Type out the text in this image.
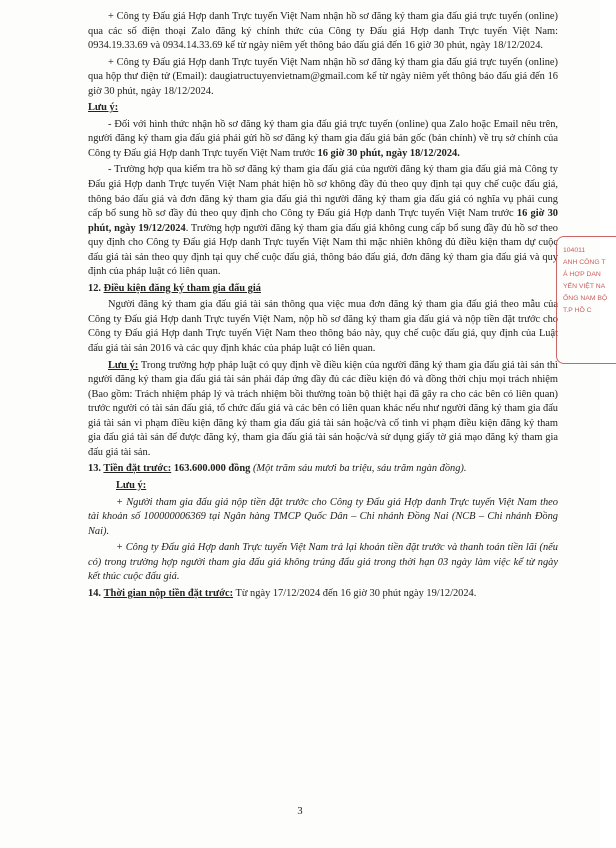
+ Công ty Đấu giá Hợp danh Trực tuyến Việt Nam nhận hồ sơ đăng ký tham gia đấu giá trực tuyến (online) qua các số điện thoại Zalo đăng ký chính thức của Công ty Đấu giá Hợp danh Trực tuyến Việt Nam: 0934.19.33.69 và 0934.14.33.69 kể từ ngày niêm yết thông báo đấu giá đến 16 giờ 30 phút, ngày 18/12/2024.

+ Công ty Đấu giá Hợp danh Trực tuyến Việt Nam nhận hồ sơ đăng ký tham gia đấu giá trực tuyến (online) qua hộp thư điện tử (Email): daugiatructuyenvietnam@gmail.com kể từ ngày niêm yết thông báo đấu giá đến 16 giờ 30 phút, ngày 18/12/2024.

Lưu ý:

- Đối với hình thức nhận hồ sơ đăng ký tham gia đấu giá trực tuyến (online) qua Zalo hoặc Email nêu trên, người đăng ký tham gia đấu giá phải gửi hồ sơ đăng ký tham gia đấu giá bản gốc (bản chính) về trụ sở chính của Công ty Đấu giá Hợp danh Trực tuyến Việt Nam trước 16 giờ 30 phút, ngày 18/12/2024.

- Trường hợp qua kiểm tra hồ sơ đăng ký tham gia đấu giá của người đăng ký tham gia đấu giá mà Công ty Đấu giá Hợp danh Trực tuyến Việt Nam phát hiện hồ sơ không đầy đủ theo quy định tại quy chế cuộc đấu giá, thông báo đấu giá và đơn đăng ký tham gia đấu giá thì người đăng ký tham gia đấu giá có nghĩa vụ phải cung cấp bổ sung hồ sơ đầy đủ theo quy định cho Công ty Đấu giá Hợp danh Trực tuyến Việt Nam trước 16 giờ 30 phút, ngày 19/12/2024. Trường hợp người đăng ký tham gia đấu giá không cung cấp bổ sung đầy đủ hồ sơ theo quy định cho Công ty Đấu giá Hợp danh Trực tuyến Việt Nam thì mặc nhiên không đủ điều kiện tham dự cuộc đấu giá tài sản theo quy định tại quy chế cuộc đấu giá, thông báo đấu giá, đơn đăng ký tham gia đấu giá và quy định của pháp luật có liên quan.

12. Điều kiện đăng ký tham gia đấu giá

Người đăng ký tham gia đấu giá tài sản thông qua việc mua đơn đăng ký tham gia đấu giá theo mẫu của Công ty Đấu giá Hợp danh Trực tuyến Việt Nam, nộp hồ sơ đăng ký tham gia đấu giá và nộp tiền đặt trước cho Công ty Đấu giá Hợp danh Trực tuyến Việt Nam theo thông báo này, quy chế cuộc đấu giá, quy định của Luật đấu giá tài sản 2016 và các quy định khác của pháp luật có liên quan.

Lưu ý: Trong trường hợp pháp luật có quy định về điều kiện của người đăng ký tham gia đấu giá tài sản thì người đăng ký tham gia đấu giá tài sản phải đáp ứng đầy đủ các điều kiện đó và đồng thời chịu mọi trách nhiệm (Bao gồm: Trách nhiệm pháp lý và trách nhiệm bồi thường toàn bộ thiệt hại đã gây ra cho các bên có liên quan) trước người có tài sản đấu giá, tổ chức đấu giá và các bên có liên quan khác nếu như người đăng ký tham gia đấu giá tài sản vi phạm điều kiện đăng ký tham gia đấu giá tài sản hoặc/và cố tình vi phạm điều kiện đăng ký tham gia đấu giá tài sản để được đăng ký, tham gia đấu giá tài sản hoặc/và sử dụng giấy tờ giả mạo đăng ký tham gia đấu giá tài sản.

13. Tiền đặt trước: 163.600.000 đồng (Một trăm sáu mươi ba triệu, sáu trăm ngàn đồng).

Lưu ý:

+ Người tham gia đấu giá nộp tiền đặt trước cho Công ty Đấu giá Hợp danh Trực tuyến Việt Nam theo tài khoản số 100000006369 tại Ngân hàng TMCP Quốc Dân – Chi nhánh Đồng Nai (NCB – Chi nhánh Đồng Nai).

+ Công ty Đấu giá Hợp danh Trực tuyến Việt Nam trả lại khoản tiền đặt trước và thanh toán tiền lãi (nếu có) trong trường hợp người tham gia đấu giá không trúng đấu giá trong thời hạn 03 ngày làm việc kể từ ngày kết thúc cuộc đấu giá.

14. Thời gian nộp tiền đặt trước: Từ ngày 17/12/2024 đến 16 giờ 30 phút ngày 19/12/2024.

104011
ANH CÔNG T
Á HỢP DAN
YẾN VIỆT NA
ỐNG NAM BỘ
T.P HỒ C
3
